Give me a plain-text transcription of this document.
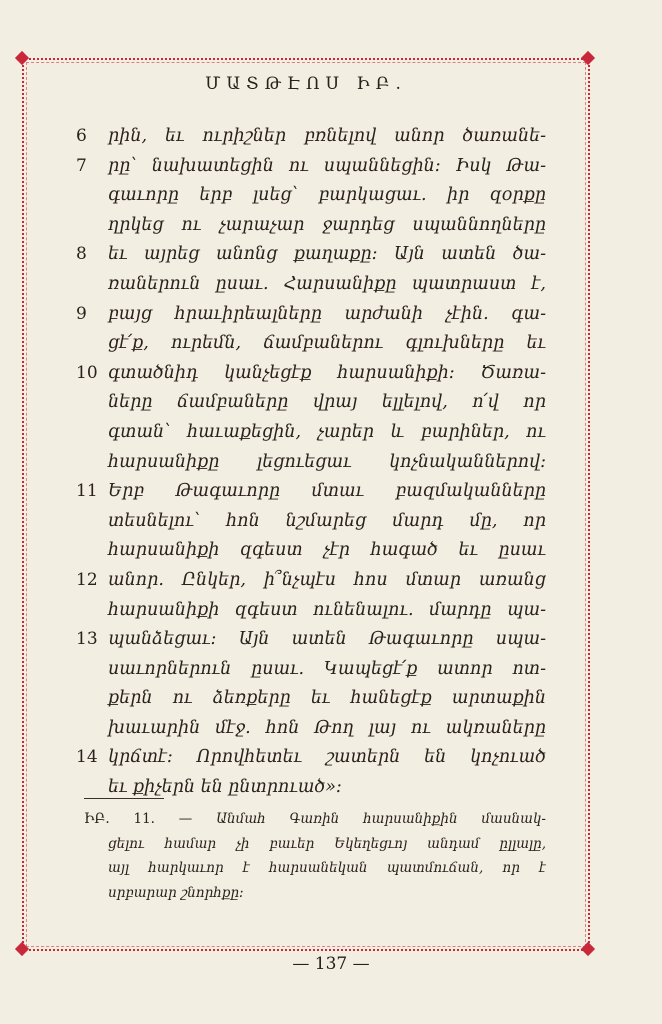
ՄԱՏԹԷՈՍ ԻԲ.
6	րին, եւ ուրիշներ բռնելով անոր ծառանե-
7	րը՝ նախատեցին ու սպաննեցին: Իսկ Թա-
գաւորը երբ լսեց՝ բարկացաւ. իր զօրքը
ղրկեց ու չարաչար ջարդեց սպաննողները
8	եւ այրեց անոնց քաղաքը: Այն ատեն ծա-
ռաներուն ըսաւ. Հարսանիքը պատրաստ է,
9	բայց հրաւիրեալները արժանի չէին. գա-
ցէ՛ք, ուրեմն, ճամբաներու գլուխները եւ
10 գտածնիդ կանչեցէք հարսանիքի: Ծառա-
ները ճամբաները վրայ ելլելով, ո՛վ որ
գտան՝ հաւաքեցին, չարեր և բարիներ, ու
հարսանիքը լեցուեցաւ կոչնականներով:
11 Երբ Թագաւորը մտաւ բազմականները
տեսնելու՝ հոն նշմարեց մարդ մը, որ
հարսանիքի զգեստ չէր հագած եւ ըսաւ
12 անոր. Ընկեր, ի՞նչպէս հոս մտար առանց
հարսանիքի զգեստ ունենալու. մարդը պա-
13 պանձեցաւ: Այն ատեն Թագաւորը սպա-
սաւորներուն ըսաւ. Կապեցէ՛ք ատոր ոտ-
քերն ու ձեռքերը եւ հանեցէք արտաքին
խաւարին մէջ. հոն Թող լայ ու ակռաները
14 կրճտէ: Որովհետեւ շատերն են կոչուած
եւ քիչերն են ընտրուած»:
ԻԲ. 11. — Անմահ Գառին հարսանիքին մասնակ-
ցելու համար չի բաւեր Եկեղեցւոյ անդամ ըլլալը,
այլ հարկաւոր է հարսանեկան պատմուճան, որ է
սրբարար շնորհքը:
— 137 —
